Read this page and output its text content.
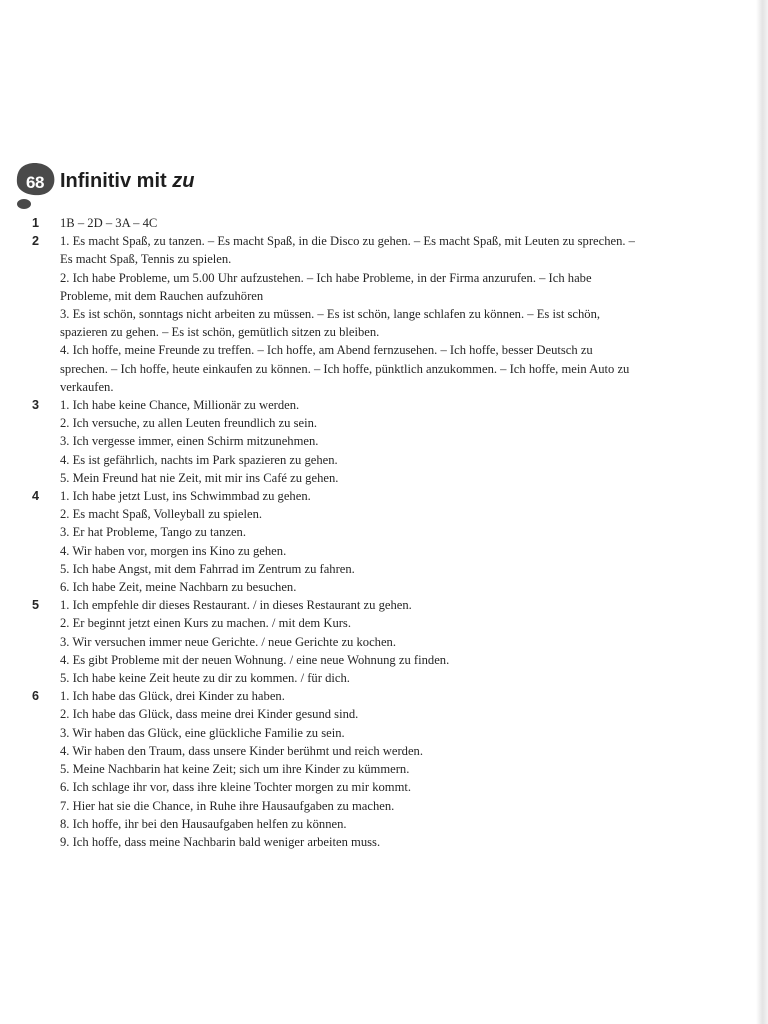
68 Infinitiv mit zu
1 1B – 2D – 3A – 4C
2 1. Es macht Spaß, zu tanzen. – Es macht Spaß, in die Disco zu gehen. – Es macht Spaß, mit Leuten zu sprechen. –
Es macht Spaß, Tennis zu spielen.
2. Ich habe Probleme, um 5.00 Uhr aufzustehen. – Ich habe Probleme, in der Firma anzurufen. – Ich habe
Probleme, mit dem Rauchen aufzuhören
3. Es ist schön, sonntags nicht arbeiten zu müssen. – Es ist schön, lange schlafen zu können. – Es ist schön,
spazieren zu gehen. – Es ist schön, gemütlich sitzen zu bleiben.
4. Ich hoffe, meine Freunde zu treffen. – Ich hoffe, am Abend fernzusehen. – Ich hoffe, besser Deutsch zu
sprechen. – Ich hoffe, heute einkaufen zu können. – Ich hoffe, pünktlich anzukommen. – Ich hoffe, mein Auto zu
verkaufen.
3 1. Ich habe keine Chance, Millionär zu werden.
2. Ich versuche, zu allen Leuten freundlich zu sein.
3. Ich vergesse immer, einen Schirm mitzunehmen.
4. Es ist gefährlich, nachts im Park spazieren zu gehen.
5. Mein Freund hat nie Zeit, mit mir ins Café zu gehen.
4 1. Ich habe jetzt Lust, ins Schwimmbad zu gehen.
2. Es macht Spaß, Volleyball zu spielen.
3. Er hat Probleme, Tango zu tanzen.
4. Wir haben vor, morgen ins Kino zu gehen.
5. Ich habe Angst, mit dem Fahrrad im Zentrum zu fahren.
6. Ich habe Zeit, meine Nachbarn zu besuchen.
5 1. Ich empfehle dir dieses Restaurant. / in dieses Restaurant zu gehen.
2. Er beginnt jetzt einen Kurs zu machen. / mit dem Kurs.
3. Wir versuchen immer neue Gerichte. / neue Gerichte zu kochen.
4. Es gibt Probleme mit der neuen Wohnung. / eine neue Wohnung zu finden.
5. Ich habe keine Zeit heute zu dir zu kommen. / für dich.
6 1. Ich habe das Glück, drei Kinder zu haben.
2. Ich habe das Glück, dass meine drei Kinder gesund sind.
3. Wir haben das Glück, eine glückliche Familie zu sein.
4. Wir haben den Traum, dass unsere Kinder berühmt und reich werden.
5. Meine Nachbarin hat keine Zeit; sich um ihre Kinder zu kümmern.
6. Ich schlage ihr vor, dass ihre kleine Tochter morgen zu mir kommt.
7. Hier hat sie die Chance, in Ruhe ihre Hausaufgaben zu machen.
8. Ich hoffe, ihr bei den Hausaufgaben helfen zu können.
9. Ich hoffe, dass meine Nachbarin bald weniger arbeiten muss.
